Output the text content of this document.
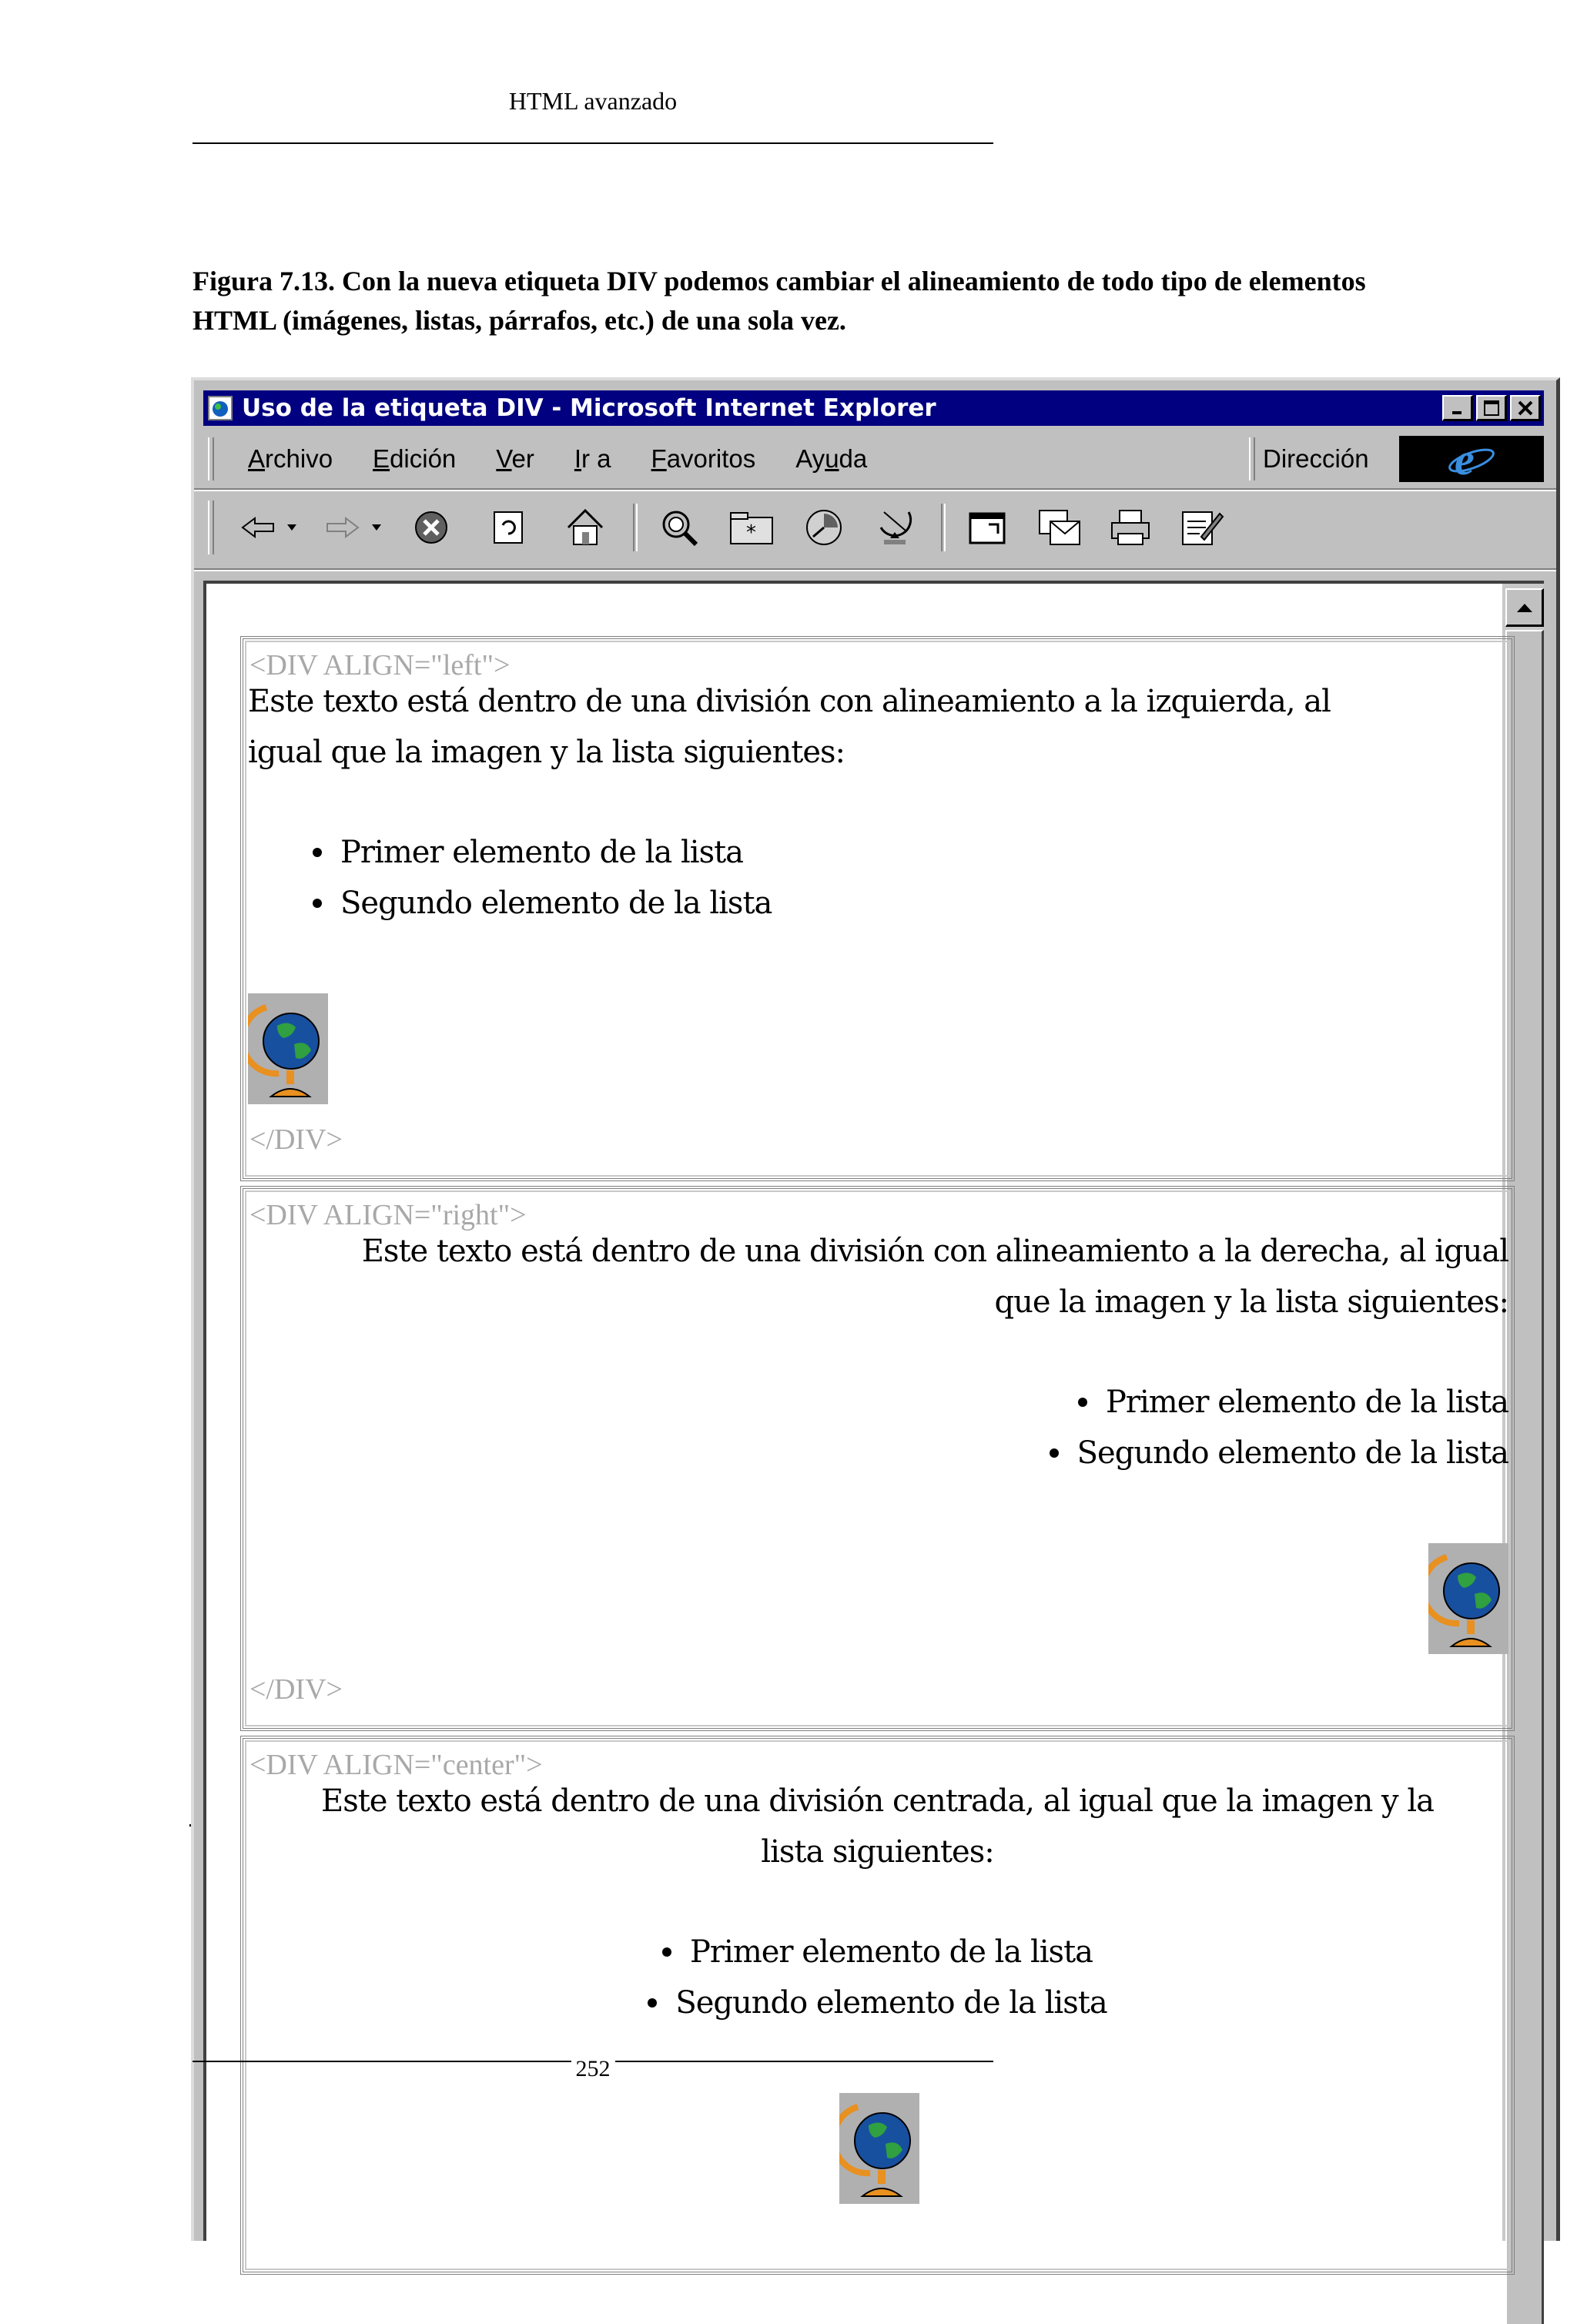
HTML avanzado
Figura 7.13. Con la nueva etiqueta DIV podemos cambiar el alineamiento de todo tipo de elementos HTML (imágenes, listas, párrafos, etc.) de una sola vez.
Uso de la etiqueta DIV - Microsoft Internet Explorer
Archivo Edición Ver Ir a Favoritos Ayuda	Dirección e
*
<DIV ALIGN="left">
Este texto está dentro de una división con alineamiento a la izquierda, al
igual que la imagen y la lista siguientes:
Primer elemento de la lista
Segundo elemento de la lista
</DIV>
<DIV ALIGN="right">
Este texto está dentro de una división con alineamiento a la derecha, al igual
que la imagen y la lista siguientes:
Primer elemento de la lista
Segundo elemento de la lista
</DIV>
<DIV ALIGN="center">
Este texto está dentro de una división centrada, al igual que la imagen y la
lista siguientes:
Primer elemento de la lista
Segundo elemento de la lista
252
